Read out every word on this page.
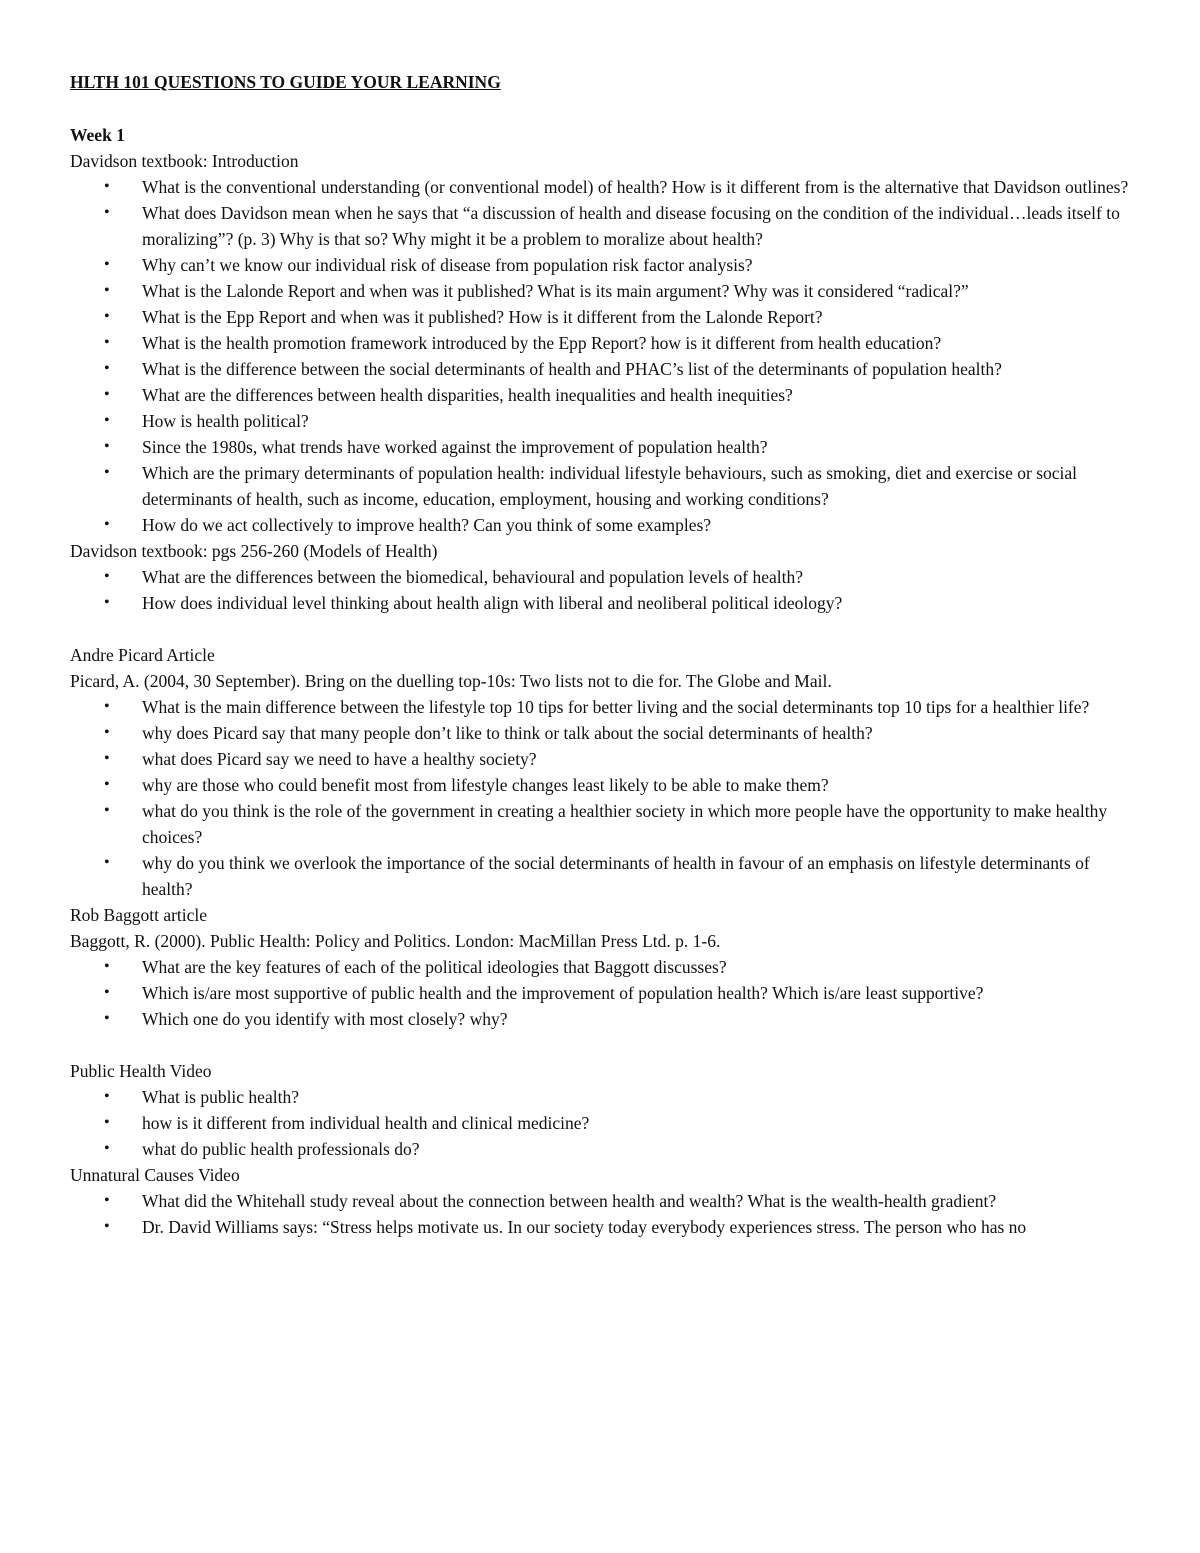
HLTH 101 QUESTIONS TO GUIDE YOUR LEARNING
Week 1
Davidson textbook: Introduction
• What is the conventional understanding (or conventional model) of health? How is it different from is the alternative that Davidson outlines?
• What does Davidson mean when he says that “a discussion of health and disease focusing on the condition of the individual…leads itself to moralizing”? (p. 3) Why is that so? Why might it be a problem to moralize about health?
• Why can’t we know our individual risk of disease from population risk factor analysis?
• What is the Lalonde Report and when was it published? What is its main argument? Why was it considered “radical?”
• What is the Epp Report and when was it published? How is it different from the Lalonde Report?
• What is the health promotion framework introduced by the Epp Report? how is it different from health education?
• What is the difference between the social determinants of health and PHAC’s list of the determinants of population health?
• What are the differences between health disparities, health inequalities and health inequities?
• How is health political?
• Since the 1980s, what trends have worked against the improvement of population health?
• Which are the primary determinants of population health: individual lifestyle behaviours, such as smoking, diet and exercise or social determinants of health, such as income, education, employment, housing and working conditions?
• How do we act collectively to improve health? Can you think of some examples?
Davidson textbook: pgs 256-260 (Models of Health)
• What are the differences between the biomedical, behavioural and population levels of health?
• How does individual level thinking about health align with liberal and neoliberal political ideology?
Andre Picard Article
Picard, A. (2004, 30 September). Bring on the duelling top-10s: Two lists not to die for. The Globe and Mail.
• What is the main difference between the lifestyle top 10 tips for better living and the social determinants top 10 tips for a healthier life?
• why does Picard say that many people don’t like to think or talk about the social determinants of health?
• what does Picard say we need to have a healthy society?
• why are those who could benefit most from lifestyle changes least likely to be able to make them?
• what do you think is the role of the government in creating a healthier society in which more people have the opportunity to make healthy choices?
• why do you think we overlook the importance of the social determinants of health in favour of an emphasis on lifestyle determinants of health?
Rob Baggott article
Baggott, R. (2000). Public Health: Policy and Politics. London: MacMillan Press Ltd. p. 1-6.
• What are the key features of each of the political ideologies that Baggott discusses?
• Which is/are most supportive of public health and the improvement of population health? Which is/are least supportive?
• Which one do you identify with most closely? why?
Public Health Video
• What is public health?
• how is it different from individual health and clinical medicine?
• what do public health professionals do?
Unnatural Causes Video
• What did the Whitehall study reveal about the connection between health and wealth? What is the wealth-health gradient?
• Dr. David Williams says: “Stress helps motivate us. In our society today everybody experiences stress. The person who has no
